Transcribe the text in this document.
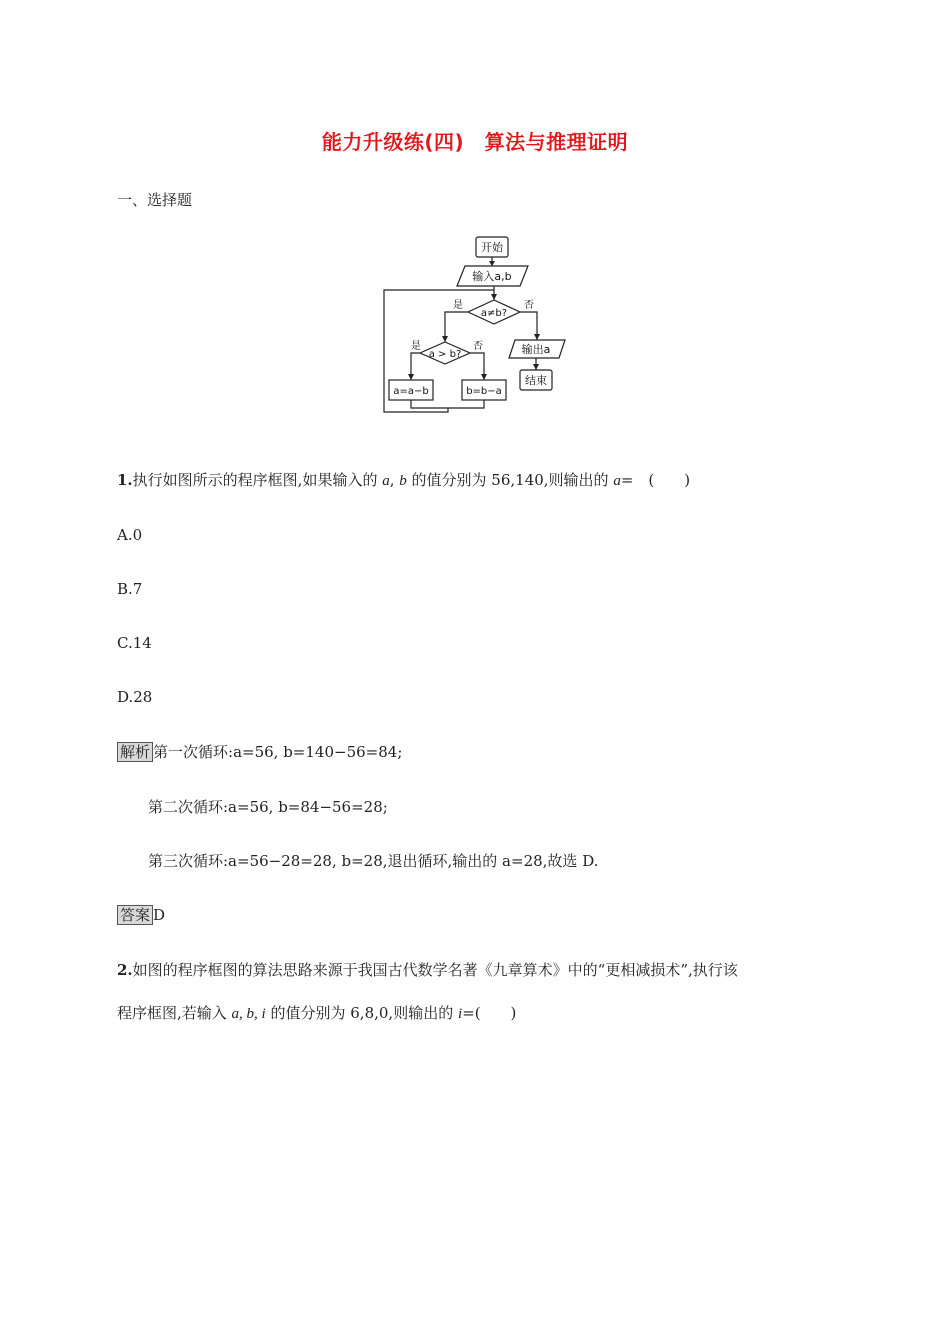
能力升级练(四)　算法与推理证明
一、选择题
开始
输入a,b
a≠b?
a > b?
a=a−b	b=b−a
输出a
结束
是	否
是	否
1.执行如图所示的程序框图,如果输入的 a, b 的值分别为 56,140,则输出的 a=　(　　)
A.0
B.7
C.14
D.28
解析 第一次循环:a=56, b=140−56=84;
第二次循环:a=56, b=84−56=28;
第三次循环:a=56−28=28, b=28,退出循环,输出的 a=28,故选 D.
答案 D
2.如图的程序框图的算法思路来源于我国古代数学名著《九章算术》中的“更相减损术”,执行该
程序框图,若输入 a, b, i 的值分别为 6,8,0,则输出的 i=(　　)
